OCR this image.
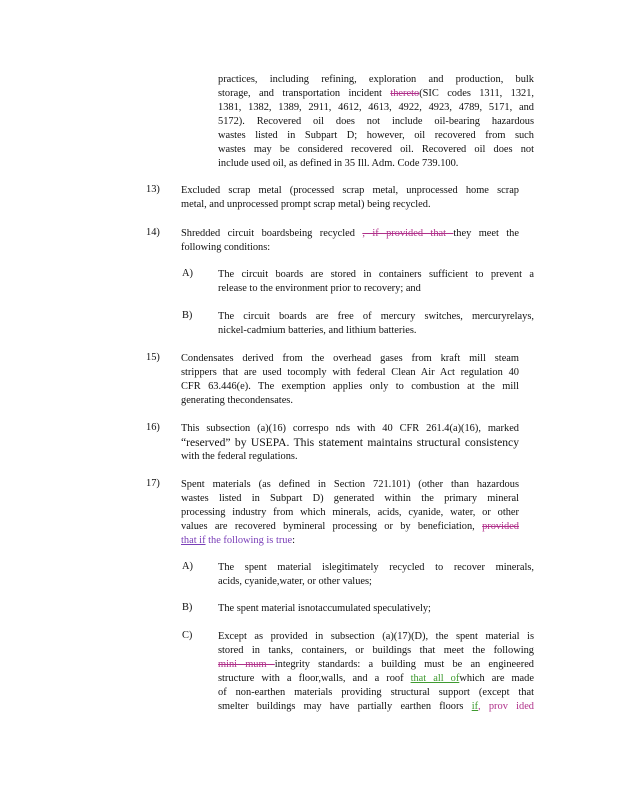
practices, including refining, exploration and production, bulk
storage, and transportation incident thereto(SIC codes 1311, 1321,
1381, 1382, 1389, 2911, 4612, 4613, 4922, 4923, 4789, 5171, and
5172). Recovered oil does not include oil-bearing hazardous
wastes listed in Subpart D; however, oil recovered from such
wastes may be considered recovered oil. Recovered oil does not
include used oil, as defined in 35 Ill. Adm. Code 739.100.
13) Excluded scrap metal (processed scrap metal, unprocessed home scrap
metal, and unprocessed prompt scrap metal) being recycled.
14) Shredded circuit boardsbeing recycled , if provided that they meet the
following conditions:
A) The circuit boards are stored in containers sufficient to prevent a
release to the environment prior to recovery; and
B) The circuit boards are free of mercury switches, mercuryrelays,
nickel-cadmium batteries, and lithium batteries.
15) Condensates derived from the overhead gases from kraft mill steam
strippers that are used tocomply with federal Clean Air Act regulation 40
CFR 63.446(e). The exemption applies only to combustion at the mill
generating thecondensates.
16) This subsection (a)(16) correspo nds with 40 CFR 261.4(a)(16), marked
“reserved” by USEPA. This statement maintains structural consistency
with the federal regulations.
17) Spent materials (as defined in Section 721.101) (other than hazardous
wastes listed in Subpart D) generated within the primary mineral
processing industry from which minerals, acids, cyanide, water, or other
values are recovered bymineral processing or by beneficiation, provided
that if the following is true:
A) The spent material islegitimately recycled to recover minerals,
acids, cyanide,water, or other values;
B) The spent material isnotaccumulated speculatively;
C) Except as provided in subsection (a)(17)(D), the spent material is
stored in tanks, containers, or buildings that meet the following
mini mum integrity standards: a building must be an engineered
structure with a floor,walls, and a roof that all ofwhich are made
of non-earthen materials providing structural support (except that
smelter buildings may have partially earthen floors if, prov ided
